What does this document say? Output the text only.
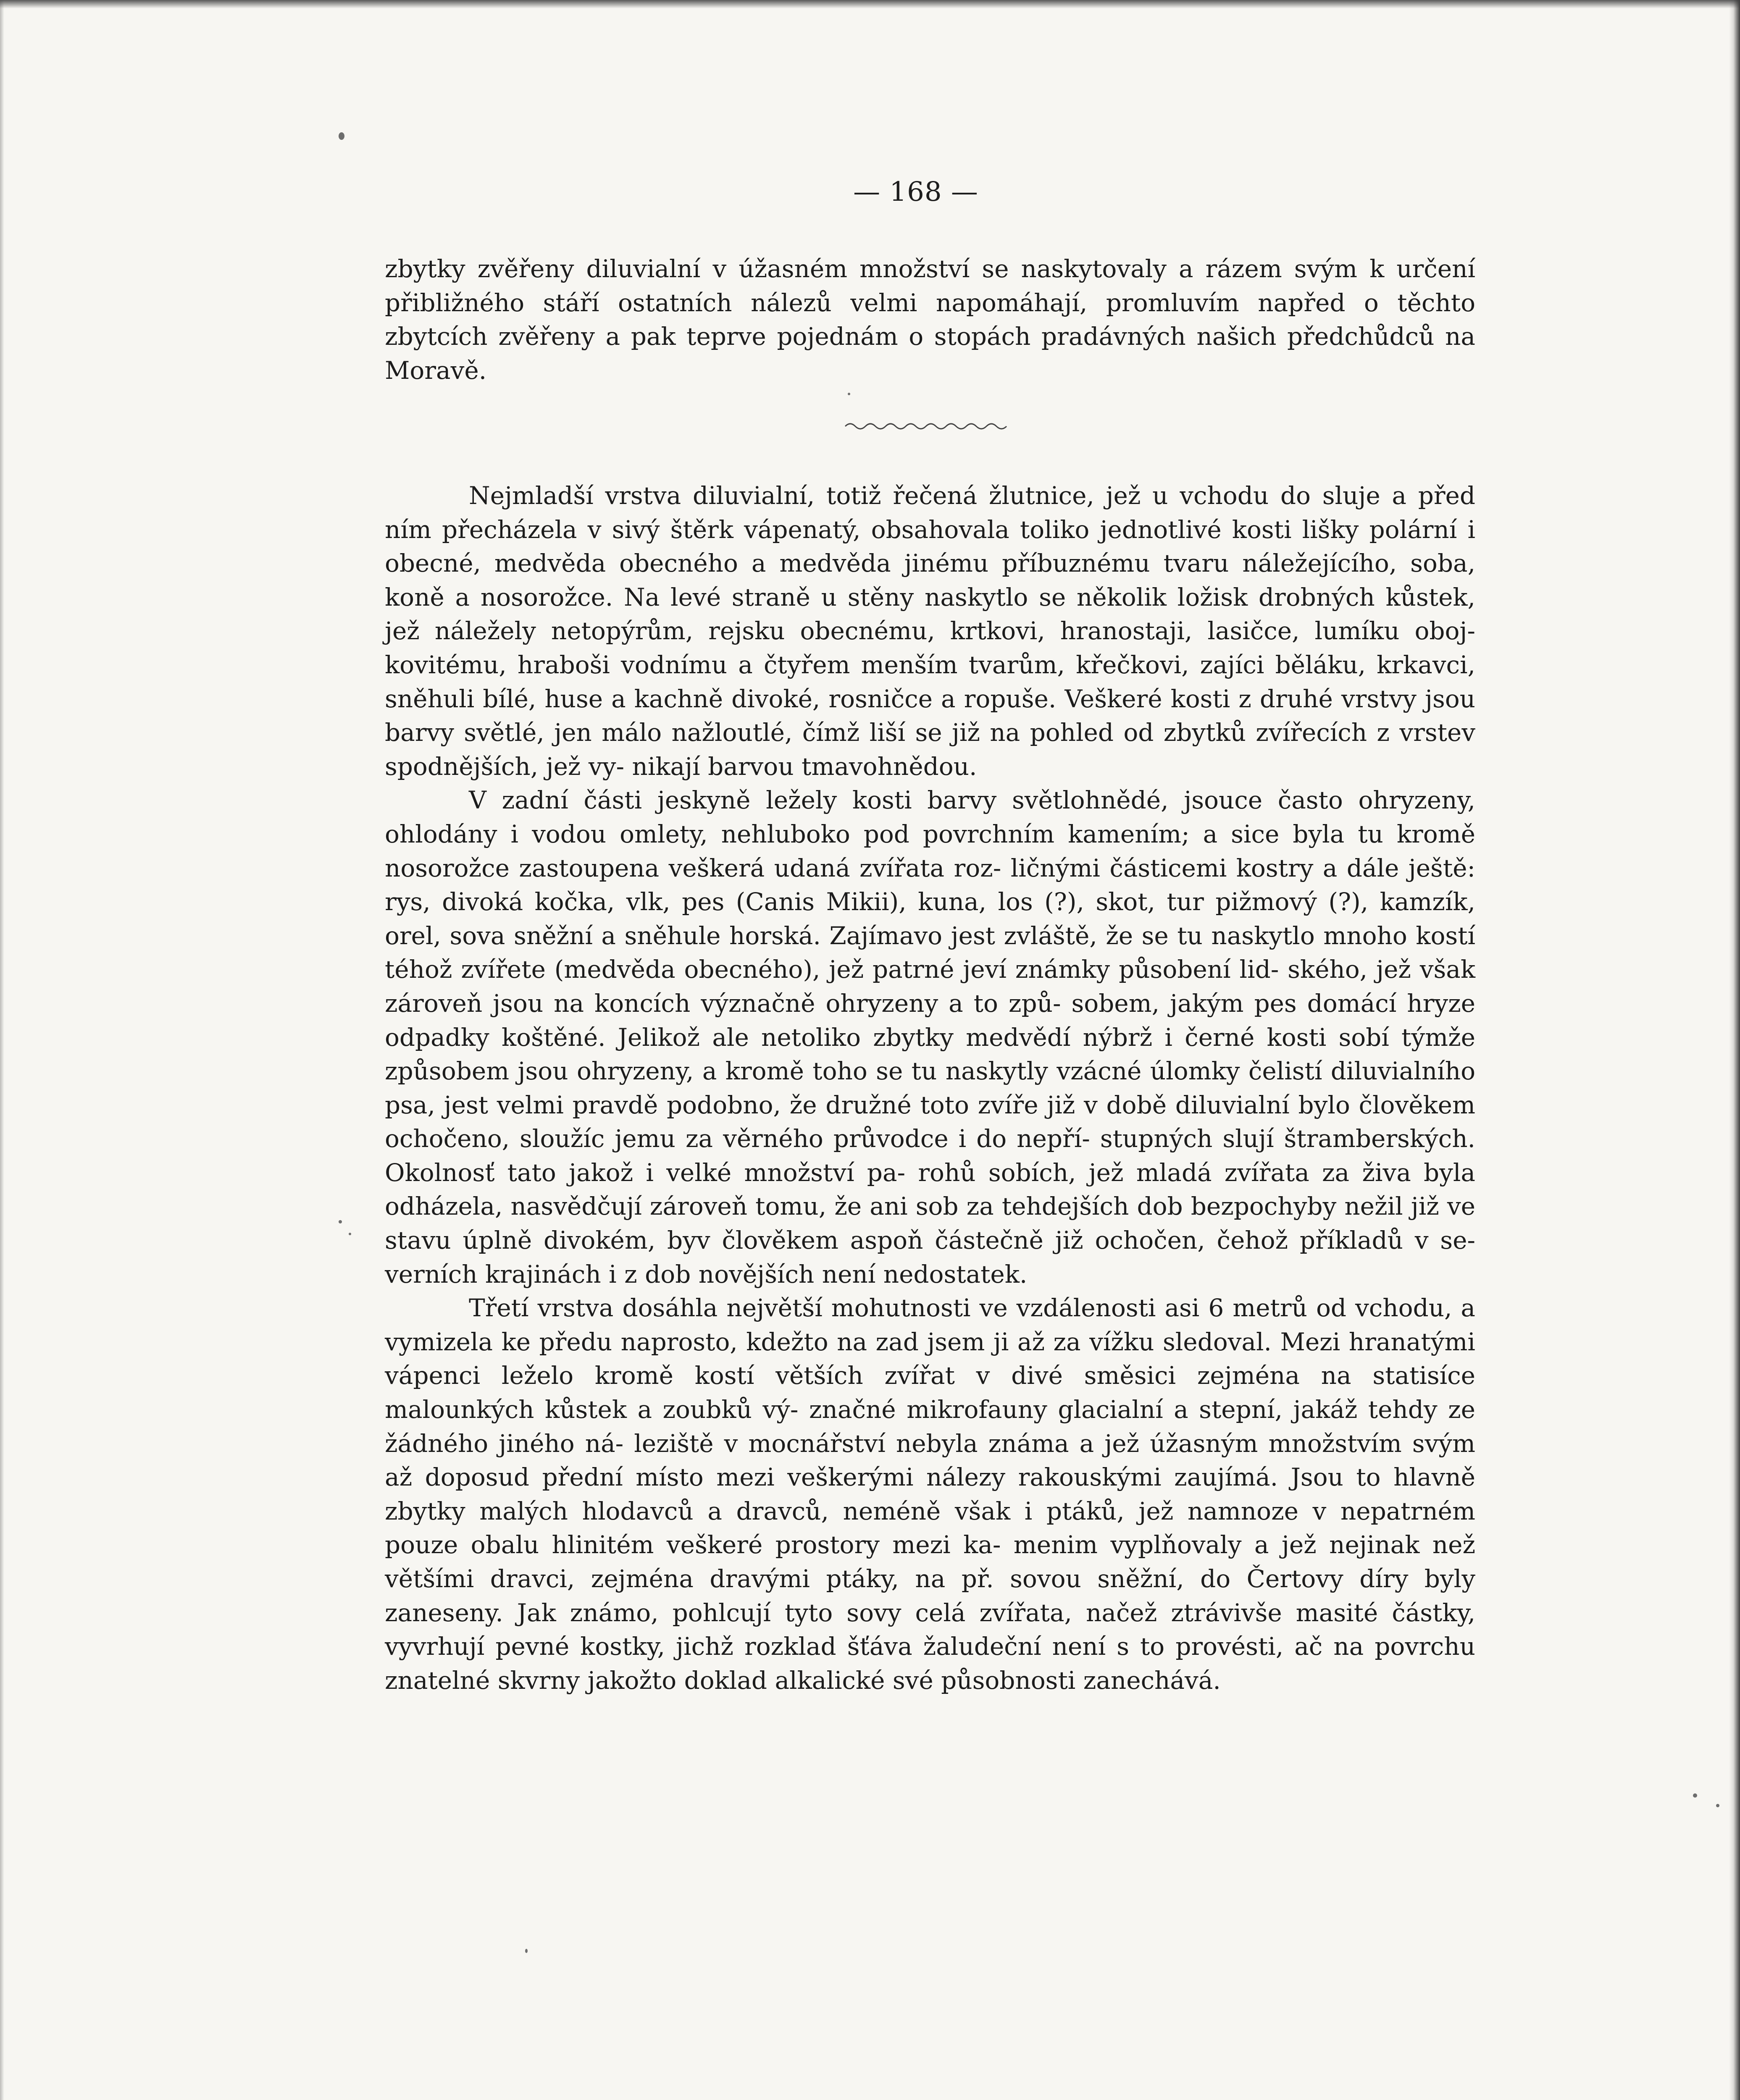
— 168 —

zbytky zvěřeny diluvialní v úžasném množství se naskytovaly a rázem svým k určení přibližného stáří ostatních nálezů velmi napomáhají, promluvím napřed o těchto zbytcích zvěřeny a pak teprve pojednám o stopách pradávných našich předchůdců na Moravě.

Nejmladší vrstva diluvialní, totiž řečená žlutnice, jež u vchodu do sluje a před ním přecházela v sivý štěrk vápenatý, obsahovala toliko jednotlivé kosti lišky polární i obecné, medvěda obecného a medvěda jinému příbuznému tvaru náležejícího, soba, koně a nosorožce. Na levé straně u stěny naskytlo se několik ložisk drobných kůstek, jež náležely netopýrům, rejsku obecnému, krtkovi, hranostaji, lasičce, lumíku oboj- kovitému, hraboši vodnímu a čtyřem menším tvarům, křečkovi, zajíci běláku, krkavci, sněhuli bílé, huse a kachně divoké, rosničce a ropuše. Veškeré kosti z druhé vrstvy jsou barvy světlé, jen málo nažloutlé, čímž liší se již na pohled od zbytků zvířecích z vrstev spodnějších, jež vy- nikají barvou tmavohnědou.

V zadní části jeskyně ležely kosti barvy světlohnědé, jsouce často ohryzeny, ohlodány i vodou omlety, nehluboko pod povrchním kamením; a sice byla tu kromě nosorožce zastoupena veškerá udaná zvířata roz- ličnými částicemi kostry a dále ještě: rys, divoká kočka, vlk, pes (Canis Mikii), kuna, los (?), skot, tur pižmový (?), kamzík, orel, sova sněžní a sněhule horská. Zajímavo jest zvláště, že se tu naskytlo mnoho kostí téhož zvířete (medvěda obecného), jež patrné jeví známky působení lid- ského, jež však zároveň jsou na koncích význačně ohryzeny a to způ- sobem, jakým pes domácí hryze odpadky koštěné. Jelikož ale netoliko zbytky medvědí nýbrž i černé kosti sobí týmže způsobem jsou ohryzeny, a kromě toho se tu naskytly vzácné úlomky čelistí diluvialního psa, jest velmi pravdě podobno, že družné toto zvíře již v době diluvialní bylo člověkem ochočeno, sloužíc jemu za věrného průvodce i do nepří- stupných slují štramberských. Okolnosť tato jakož i velké množství pa- rohů sobích, jež mladá zvířata za živa byla odházela, nasvědčují zároveň tomu, že ani sob za tehdejších dob bezpochyby nežil již ve stavu úplně divokém, byv člověkem aspoň částečně již ochočen, čehož příkladů v se- verních krajinách i z dob novějších není nedostatek.

Třetí vrstva dosáhla největší mohutnosti ve vzdálenosti asi 6 metrů od vchodu, a vymizela ke předu naprosto, kdežto na zad jsem ji až za vížku sledoval. Mezi hranatými vápenci leželo kromě kostí větších zvířat v divé směsici zejména na statisíce malounkých kůstek a zoubků vý- značné mikrofauny glacialní a stepní, jakáž tehdy ze žádného jiného ná- leziště v mocnářství nebyla známa a jež úžasným množstvím svým až doposud přední místo mezi veškerými nálezy rakouskými zaujímá. Jsou to hlavně zbytky malých hlodavců a dravců, neméně však i ptáků, jež namnoze v nepatrném pouze obalu hlinitém veškeré prostory mezi ka- menim vyplňovaly a jež nejinak než většími dravci, zejména dravými ptáky, na př. sovou sněžní, do Čertovy díry byly zaneseny. Jak známo, pohlcují tyto sovy celá zvířata, načež ztrávivše masité částky, vyvrhují pevné kostky, jichž rozklad šťáva žaludeční není s to provésti, ač na povrchu znatelné skvrny jakožto doklad alkalické své působnosti zanechává.
